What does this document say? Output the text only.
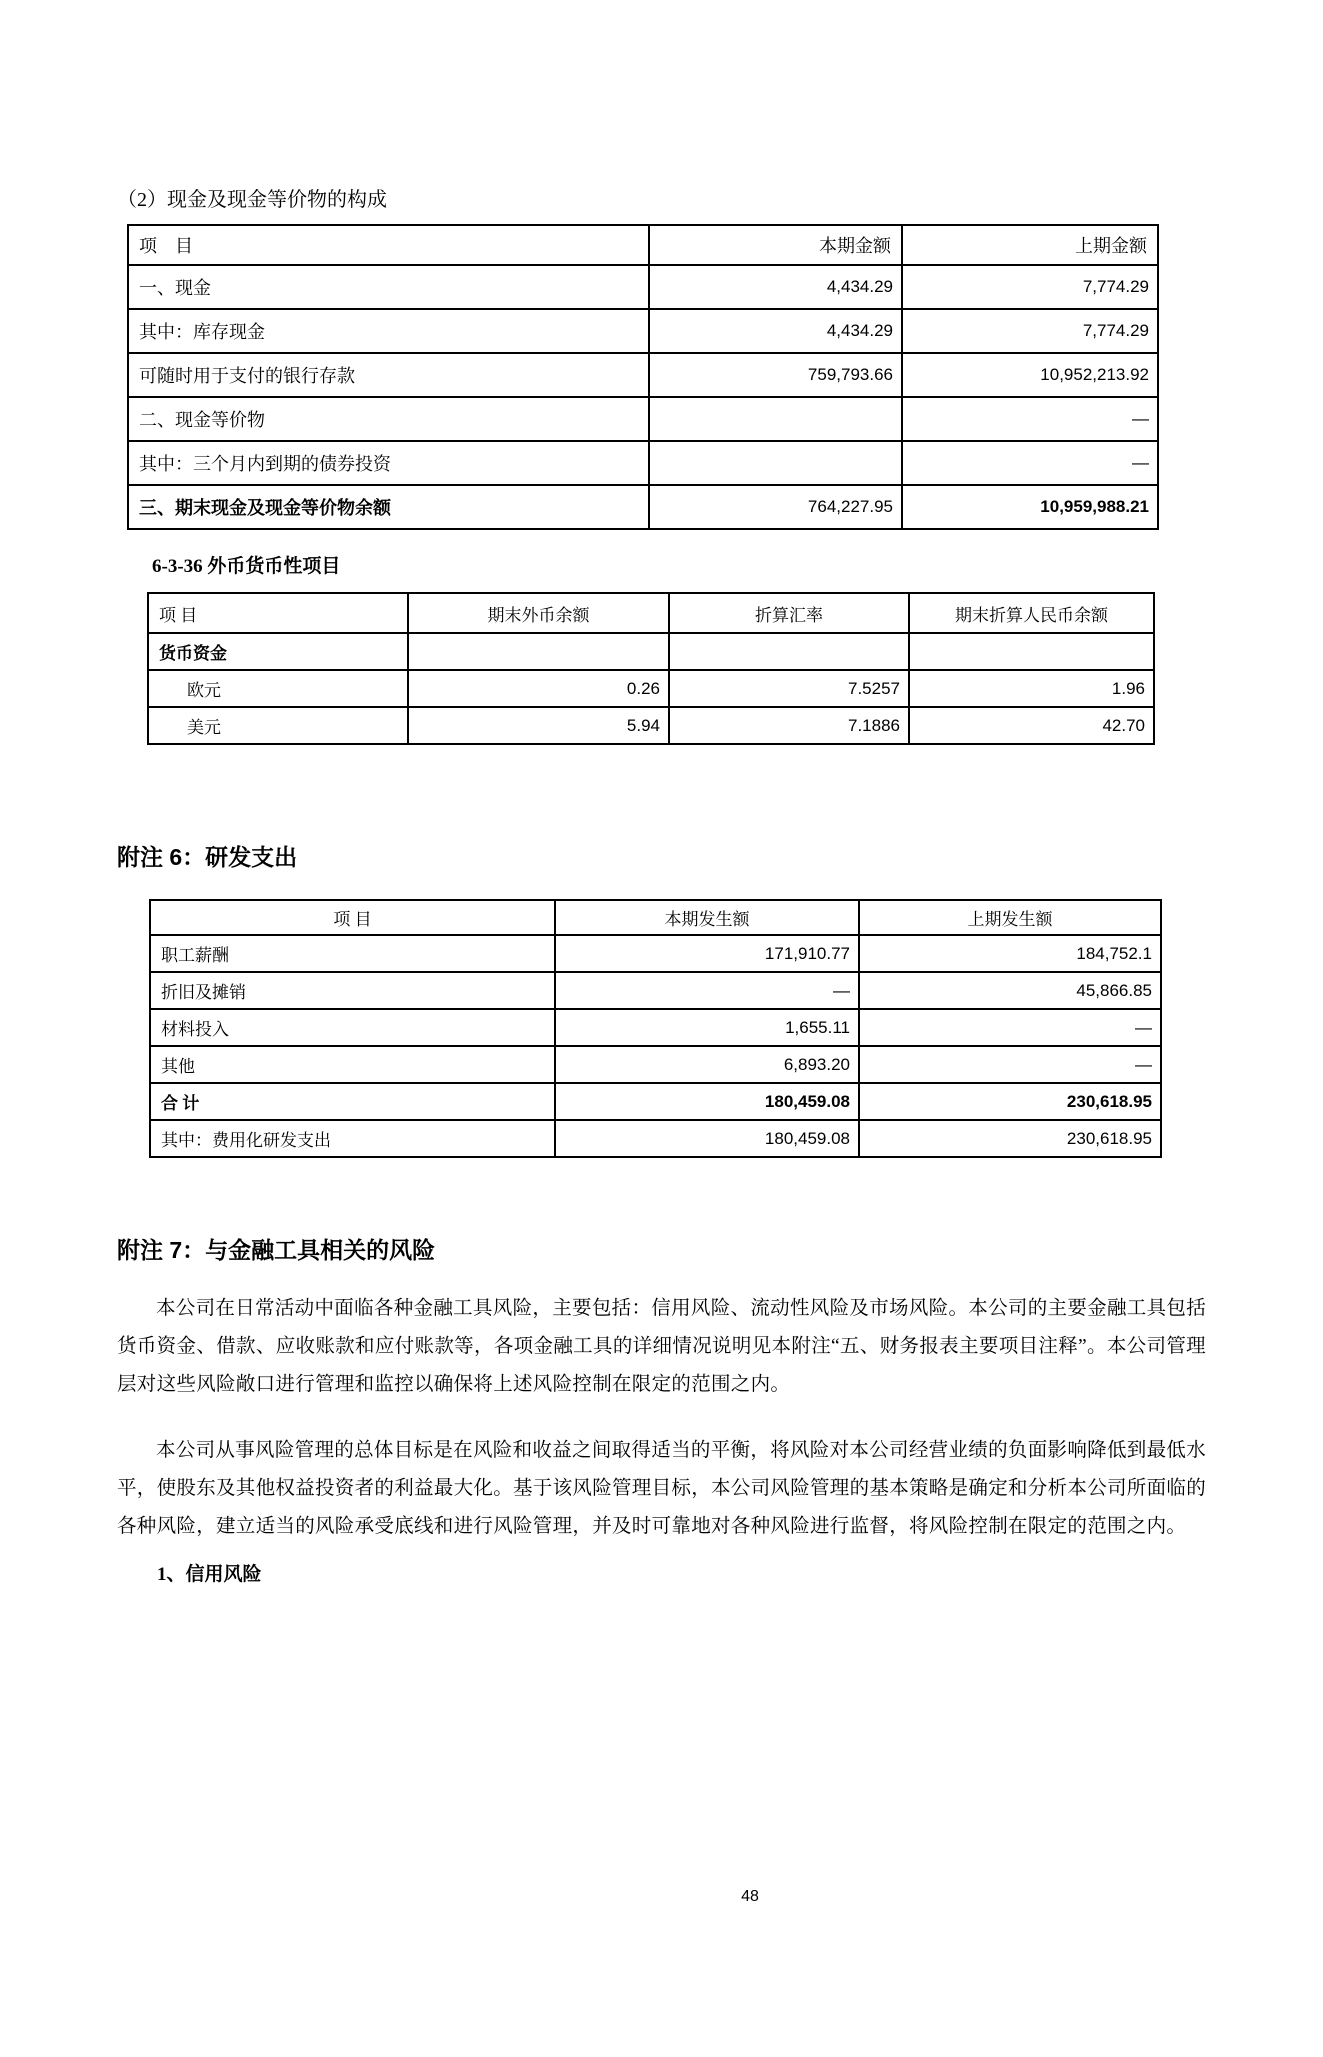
（2）现金及现金等价物的构成
项　目	本期金额	上期金额
一、现金	4,434.29	7,774.29
其中：库存现金	4,434.29	7,774.29
可随时用于支付的银行存款	759,793.66	10,952,213.92
二、现金等价物		—
其中：三个月内到期的债券投资		—
三、期末现金及现金等价物余额	764,227.95	10,959,988.21
6-3-36 外币货币性项目
项 目	期末外币余额	折算汇率	期末折算人民币余额
货币资金			
欧元	0.26	7.5257	1.96
美元	5.94	7.1886	42.70
附注 6：研发支出
项 目	本期发生额	上期发生额
职工薪酬	171,910.77	184,752.1
折旧及摊销	—	45,866.85
材料投入	1,655.11	—
其他	6,893.20	—
合 计	180,459.08	230,618.95
其中：费用化研发支出	180,459.08	230,618.95
附注 7：与金融工具相关的风险

本公司在日常活动中面临各种金融工具风险，主要包括：信用风险、流动性风险及市场风险。本公司的主要金融工具包括货币资金、借款、应收账款和应付账款等，各项金融工具的详细情况说明见本附注“五、财务报表主要项目注释”。本公司管理层对这些风险敞口进行管理和监控以确保将上述风险控制在限定的范围之内。

本公司从事风险管理的总体目标是在风险和收益之间取得适当的平衡，将风险对本公司经营业绩的负面影响降低到最低水平，使股东及其他权益投资者的利益最大化。基于该风险管理目标，本公司风险管理的基本策略是确定和分析本公司所面临的各种风险，建立适当的风险承受底线和进行风险管理，并及时可靠地对各种风险进行监督，将风险控制在限定的范围之内。

1、信用风险
48
